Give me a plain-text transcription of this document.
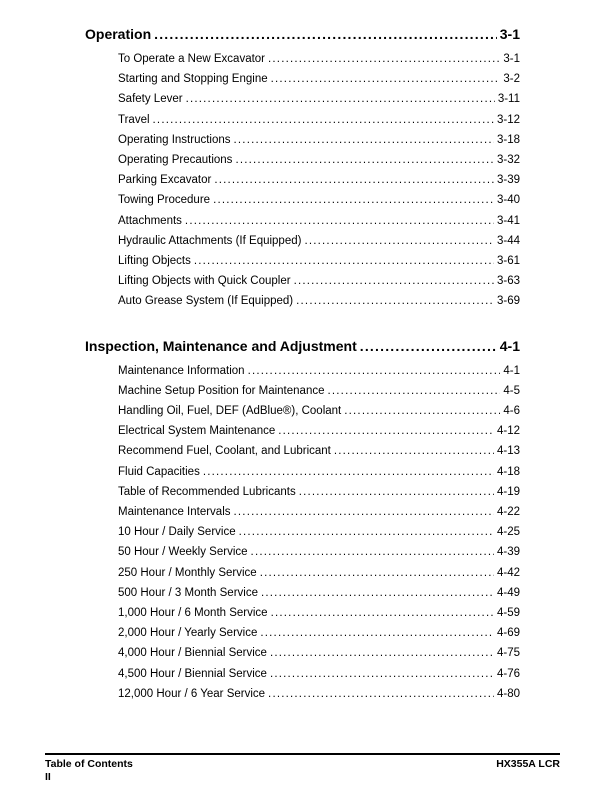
Operation .....	3-1
To Operate a New Excavator .....	3-1
Starting and Stopping Engine .....	3-2
Safety Lever .....	3-11
Travel .....	3-12
Operating Instructions .....	3-18
Operating Precautions .....	3-32
Parking Excavator .....	3-39
Towing Procedure .....	3-40
Attachments .....	3-41
Hydraulic Attachments (If Equipped) .....	3-44
Lifting Objects .....	3-61
Lifting Objects with Quick Coupler .....	3-63
Auto Grease System (If Equipped) .....	3-69
Inspection, Maintenance and Adjustment .....	4-1
Maintenance Information .....	4-1
Machine Setup Position for Maintenance .....	4-5
Handling Oil, Fuel, DEF (AdBlue®), Coolant .....	4-6
Electrical System Maintenance .....	4-12
Recommend Fuel, Coolant, and Lubricant .....	4-13
Fluid Capacities .....	4-18
Table of Recommended Lubricants .....	4-19
Maintenance Intervals .....	4-22
10 Hour / Daily Service .....	4-25
50 Hour / Weekly Service .....	4-39
250 Hour / Monthly Service .....	4-42
500 Hour / 3 Month Service .....	4-49
1,000 Hour / 6 Month Service .....	4-59
2,000 Hour / Yearly Service .....	4-69
4,000 Hour / Biennial Service .....	4-75
4,500 Hour / Biennial Service .....	4-76
12,000 Hour / 6 Year Service .....	4-80
Table of Contents	HX355A LCR
II
